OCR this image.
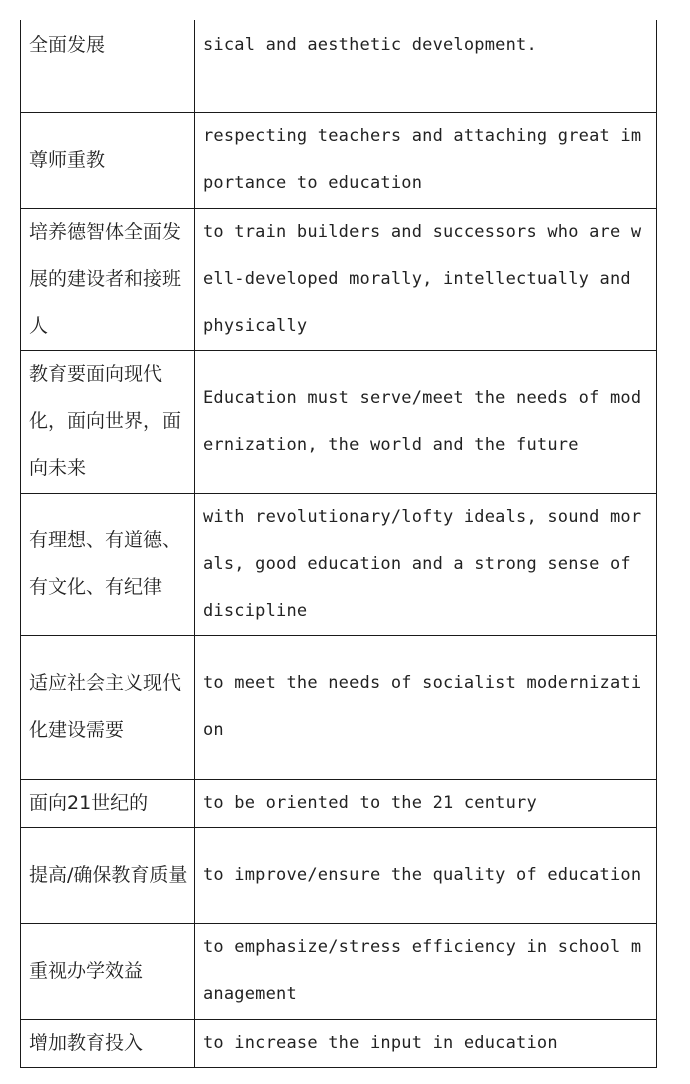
全面发展	sical and aesthetic development.
尊师重教	respecting teachers and attaching great importance to education
培养德智体全面发展的建设者和接班人	to train builders and successors who are well-developed morally, intellectually and physically
教育要面向现代化，面向世界，面向未来	Education must serve/meet the needs of modernization, the world and the future
有理想、有道德、有文化、有纪律	with revolutionary/lofty ideals, sound morals, good education and a strong sense of discipline
适应社会主义现代化建设需要	to meet the needs of socialist modernization
面向21世纪的	to be oriented to the 21 century
提高/确保教育质量	to improve/ensure the quality of education
重视办学效益	to emphasize/stress efficiency in school management
增加教育投入	to increase the input in education
